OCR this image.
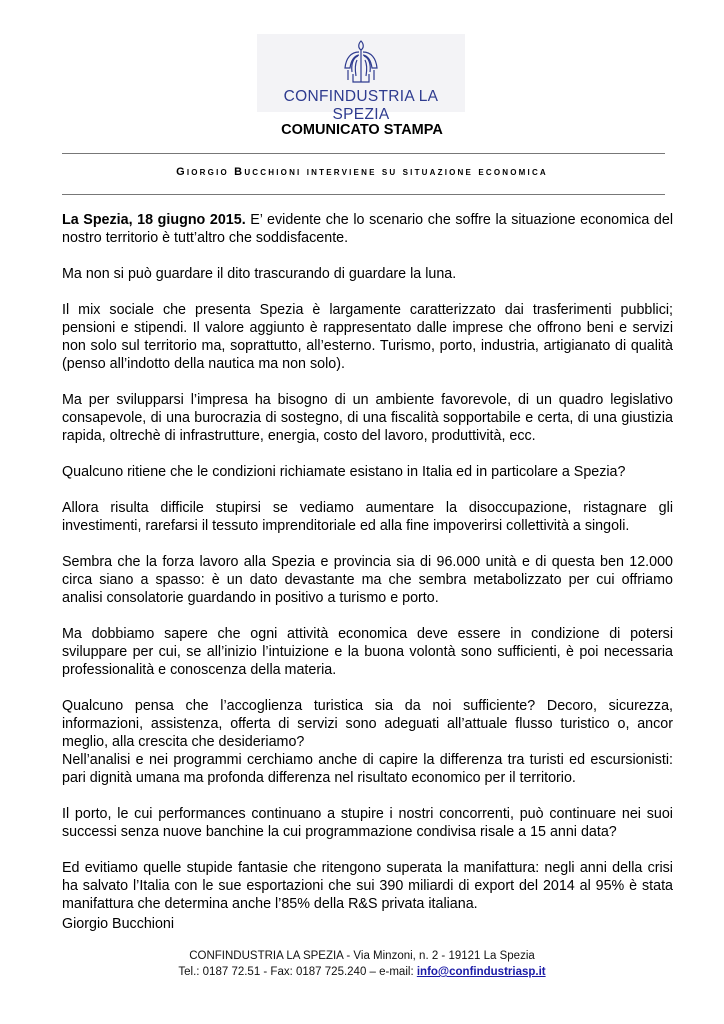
CONFINDUSTRIA LA SPEZIA
COMUNICATO STAMPA
Giorgio Bucchioni interviene su situazione economica

La Spezia, 18 giugno 2015. E’ evidente che lo scenario che soffre la situazione economica del nostro territorio è tutt’altro che soddisfacente.

Ma non si può guardare il dito trascurando di guardare la luna.

Il mix sociale che presenta Spezia è largamente caratterizzato dai trasferimenti pubblici; pensioni e stipendi. Il valore aggiunto è rappresentato dalle imprese che offrono beni e servizi non solo sul territorio ma, soprattutto, all’esterno. Turismo, porto, industria, artigianato di qualità (penso all’indotto della nautica ma non solo).

Ma per svilupparsi l’impresa ha bisogno di un ambiente favorevole, di un quadro legislativo consapevole, di una burocrazia di sostegno, di una fiscalità sopportabile e certa, di una giustizia rapida, oltrechè di infrastrutture, energia, costo del lavoro, produttività, ecc.

Qualcuno ritiene che le condizioni richiamate esistano in Italia ed in particolare a Spezia?

Allora risulta difficile stupirsi se vediamo aumentare la disoccupazione, ristagnare gli investimenti, rarefarsi il tessuto imprenditoriale ed alla fine impoverirsi collettività a singoli.

Sembra che la forza lavoro alla Spezia e provincia sia di 96.000 unità e di questa ben 12.000 circa siano a spasso: è un dato devastante ma che sembra metabolizzato per cui offriamo analisi consolatorie guardando in positivo a turismo e porto.

Ma dobbiamo sapere che ogni attività economica deve essere in condizione di potersi sviluppare per cui, se all’inizio l’intuizione e la buona volontà sono sufficienti, è poi necessaria professionalità e conoscenza della materia.

Qualcuno pensa che l’accoglienza turistica sia da noi sufficiente? Decoro, sicurezza, informazioni, assistenza, offerta di servizi sono adeguati all’attuale flusso turistico o, ancor meglio, alla crescita che desideriamo?

Nell’analisi e nei programmi cerchiamo anche di capire la differenza tra turisti ed escursionisti: pari dignità umana ma profonda differenza nel risultato economico per il territorio.

Il porto, le cui performances continuano a stupire i nostri concorrenti, può continuare nei suoi successi senza nuove banchine la cui programmazione condivisa risale a 15 anni data?

Ed evitiamo quelle stupide fantasie che ritengono superata la manifattura: negli anni della crisi ha salvato l’Italia con le sue esportazioni che sui 390 miliardi di export del 2014 al 95% è stata manifattura che determina anche l’85% della R&S privata italiana.

Giorgio Bucchioni
CONFINDUSTRIA LA SPEZIA - Via Minzoni, n. 2 - 19121 La Spezia
Tel.: 0187 72.51 - Fax: 0187 725.240 – e-mail: info@confindustriasp.it
